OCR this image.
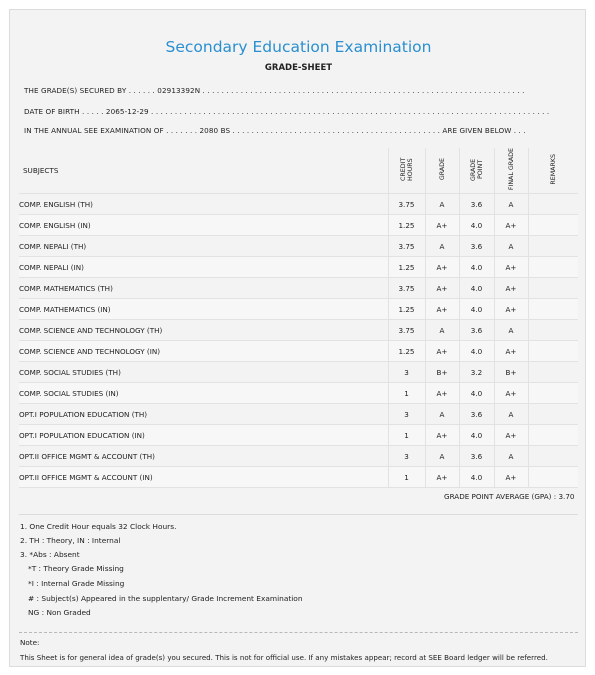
Secondary Education Examination
GRADE-SHEET
THE GRADE(S) SECURED BY . . . . . . 02913392N . . . . . . . . . . . . . . . . . . . . . . . . . . . . . . . . . . . . . . . . . . . . . . . . . . . . . . . . . . . . . . . . . . . .
DATE OF BIRTH . . . . . 2065-12-29 . . . . . . . . . . . . . . . . . . . . . . . . . . . . . . . . . . . . . . . . . . . . . . . . . . . . . . . . . . . . . . . . . . . . . . . . . . . . . . . . . . . .
IN THE ANNUAL SEE EXAMINATION OF . . . . . . . 2080 BS . . . . . . . . . . . . . . . . . . . . . . . . . . . . . . . . . . . . . . . . . . . . ARE GIVEN BELOW . . .
SUBJECTS	CREDIT HOURS	GRADE	GRADE POINT	FINAL GRADE	REMARKS
COMP. ENGLISH (TH)	3.75	A	3.6	A	
COMP. ENGLISH (IN)	1.25	A+	4.0	A+	
COMP. NEPALI (TH)	3.75	A	3.6	A	
COMP. NEPALI (IN)	1.25	A+	4.0	A+	
COMP. MATHEMATICS (TH)	3.75	A+	4.0	A+	
COMP. MATHEMATICS (IN)	1.25	A+	4.0	A+	
COMP. SCIENCE AND TECHNOLOGY (TH)	3.75	A	3.6	A	
COMP. SCIENCE AND TECHNOLOGY (IN)	1.25	A+	4.0	A+	
COMP. SOCIAL STUDIES (TH)	3	B+	3.2	B+	
COMP. SOCIAL STUDIES (IN)	1	A+	4.0	A+	
OPT.I POPULATION EDUCATION (TH)	3	A	3.6	A	
OPT.I POPULATION EDUCATION (IN)	1	A+	4.0	A+	
OPT.II OFFICE MGMT & ACCOUNT (TH)	3	A	3.6	A	
OPT.II OFFICE MGMT & ACCOUNT (IN)	1	A+	4.0	A+	
GRADE POINT AVERAGE (GPA) : 3.70
1. One Credit Hour equals 32 Clock Hours.
2. TH : Theory, IN : Internal
3. *Abs : Absent
*T : Theory Grade Missing
*I : Internal Grade Missing
# : Subject(s) Appeared in the supplentary/ Grade Increment Examination
NG : Non Graded
Note:
This Sheet is for general idea of grade(s) you secured. This is not for official use. If any mistakes appear; record at SEE Board ledger will be referred.
